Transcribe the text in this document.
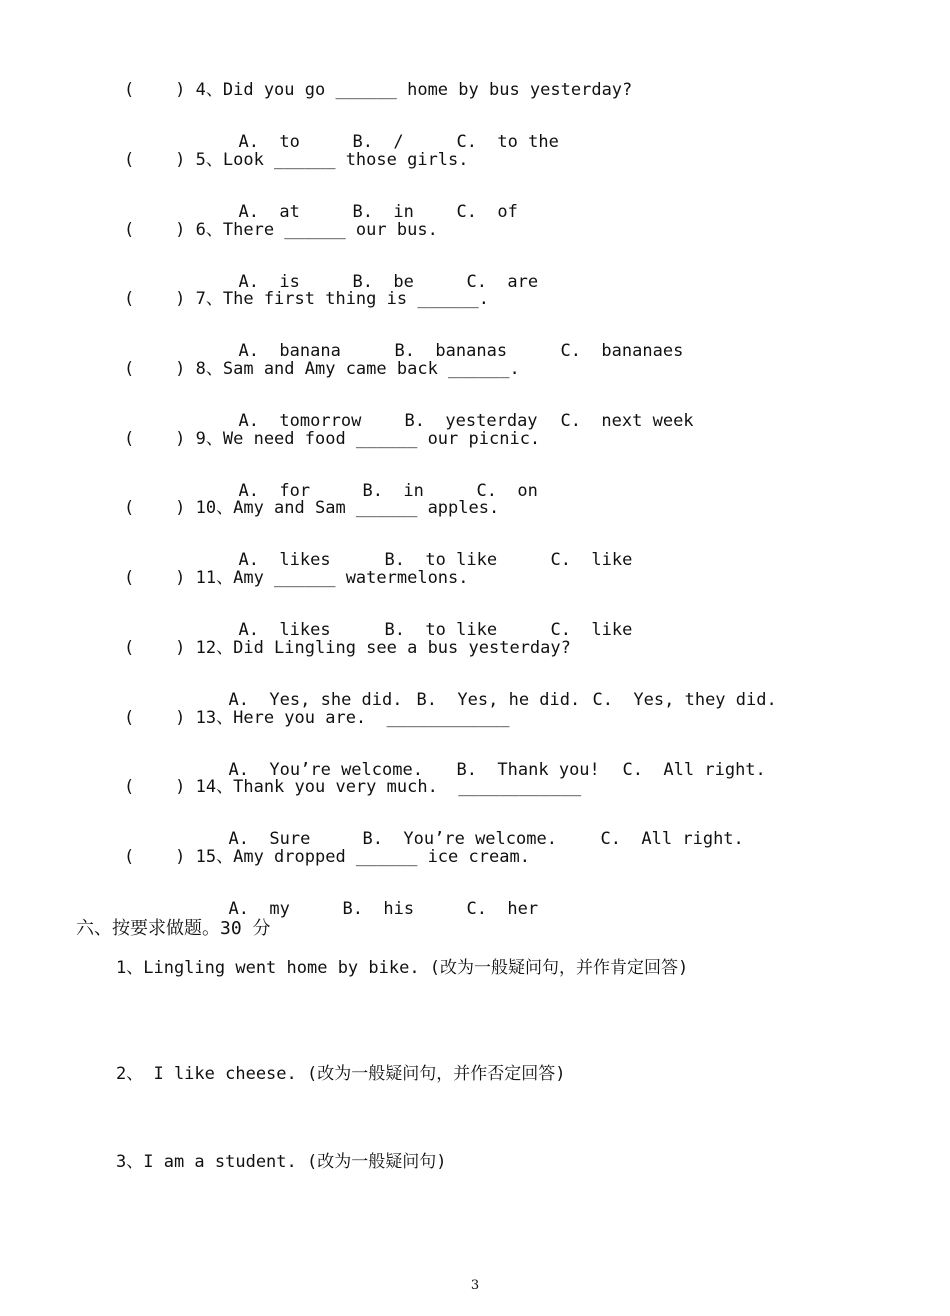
(    ) 4、Did you go ______ home by bus yesterday?

A.  to	B.  /	C.  to the

(    ) 5、Look ______ those girls.

A.  at	B.  in	C.  of

(    ) 6、There ______ our bus.

A.  is	B.  be	C.  are

(    ) 7、The first thing is ______.

A.  banana	B.  bananas	C.  bananaes

(    ) 8、Sam and Amy came back ______.

A.  tomorrow	B.  yesterday C.  next week

(    ) 9、We need food ______ our picnic.

A.  for	B.  in	C.  on

(    ) 10、Amy and Sam ______ apples.

A.  likes	B.  to like	C.  like

(    ) 11、Amy ______ watermelons.

A.  likes	B.  to like	C.  like

(    ) 12、Did Lingling see a bus yesterday?

A.  Yes, she did. B.  Yes, he did. C.  Yes, they did.

(    ) 13、Here you are.  ____________

A.  You’re welcome. B.  Thank you! C.  All right.

(    ) 14、Thank you very much.  ____________

A.  Sure	B.  You’re welcome.	C.  All right.

(    ) 15、Amy dropped ______ ice cream.

A.  my	B.  his	C.  her

六、按要求做题。30 分
1、Lingling went home by bike. (改为一般疑问句，并作肯定回答)
2、 I like cheese. (改为一般疑问句，并作否定回答)
3、I am a student. (改为一般疑问句)
3
